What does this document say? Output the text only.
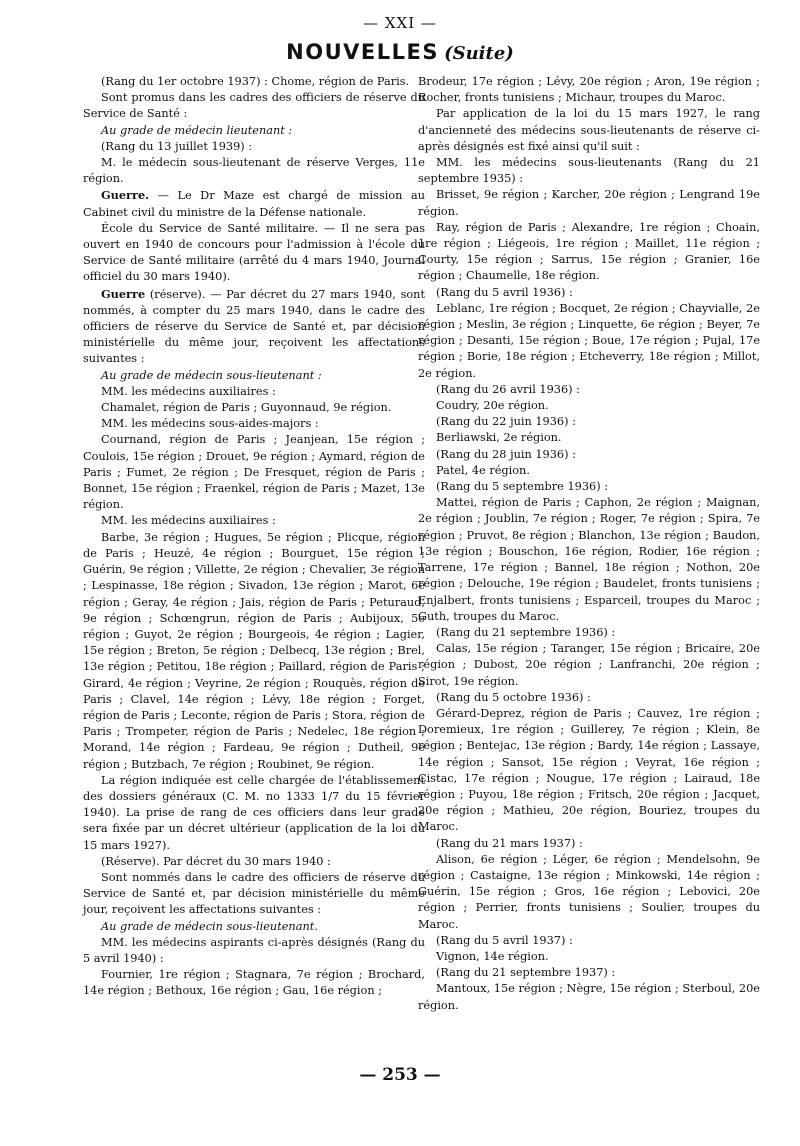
— XXI —
NOUVELLES (Suite)

(Rang du 1er octobre 1937) : Chome, région de Paris.

Sont promus dans les cadres des officiers de réserve du Service de Santé :

Au grade de médecin lieutenant :

(Rang du 13 juillet 1939) :

M. le médecin sous-lieutenant de réserve Verges, 11e région.

Guerre. — Le Dr Maze est chargé de mission au Cabinet civil du ministre de la Défense nationale.

École du Service de Santé militaire. — Il ne sera pas ouvert en 1940 de concours pour l'admission à l'école du Service de Santé militaire (arrêté du 4 mars 1940, Journal officiel du 30 mars 1940).

Guerre (réserve). — Par décret du 27 mars 1940, sont nommés, à compter du 25 mars 1940, dans le cadre des officiers de réserve du Service de Santé et, par décision ministérielle du même jour, reçoivent les affectations suivantes :

Au grade de médecin sous-lieutenant :

MM. les médecins auxiliaires :

Chamalet, région de Paris ; Guyonnaud, 9e région.

MM. les médecins sous-aides-majors :

Cournand, région de Paris ; Jeanjean, 15e région ; Coulois, 15e région ; Drouet, 9e région ; Aymard, région de Paris ; Fumet, 2e région ; De Fresquet, région de Paris ; Bonnet, 15e région ; Fraenkel, région de Paris ; Mazet, 13e région.

MM. les médecins auxiliaires :

Barbe, 3e région ; Hugues, 5e région ; Plicque, région de Paris ; Heuzé, 4e région ; Bourguet, 15e région ; Guérin, 9e région ; Villette, 2e région ; Chevalier, 3e région ; Lespinasse, 18e région ; Sivadon, 13e région ; Marot, 6e région ; Geray, 4e région ; Jais, région de Paris ; Peturaud, 9e région ; Schœngrun, région de Paris ; Aubijoux, 5e région ; Guyot, 2e région ; Bourgeois, 4e région ; Lagier, 15e région ; Breton, 5e région ; Delbecq, 13e région ; Brel, 13e région ; Petitou, 18e région ; Paillard, région de Paris ; Girard, 4e région ; Veyrine, 2e région ; Rouquès, région de Paris ; Clavel, 14e région ; Lévy, 18e région ; Forget, région de Paris ; Leconte, région de Paris ; Stora, région de Paris ; Trompeter, région de Paris ; Nedelec, 18e région ; Morand, 14e région ; Fardeau, 9e région ; Dutheil, 9e région ; Butzbach, 7e région ; Roubinet, 9e région.

La région indiquée est celle chargée de l'établissement des dossiers généraux (C. M. no 1333 1/7 du 15 février 1940). La prise de rang de ces officiers dans leur grade sera fixée par un décret ultérieur (application de la loi du 15 mars 1927).

(Réserve). Par décret du 30 mars 1940 :

Sont nommés dans le cadre des officiers de réserve du Service de Santé et, par décision ministérielle du même jour, reçoivent les affectations suivantes :

Au grade de médecin sous-lieutenant.

MM. les médecins aspirants ci-après désignés (Rang du 5 avril 1940) :

Fournier, 1re région ; Stagnara, 7e région ; Brochard, 14e région ; Bethoux, 16e région ; Gau, 16e région ;

Brodeur, 17e région ; Lévy, 20e région ; Aron, 19e région ; Rocher, fronts tunisiens ; Michaur, troupes du Maroc.

Par application de la loi du 15 mars 1927, le rang d'ancienneté des médecins sous-lieutenants de réserve ci-après désignés est fixé ainsi qu'il suit :

MM. les médecins sous-lieutenants (Rang du 21 septembre 1935) :

Brisset, 9e région ; Karcher, 20e région ; Lengrand 19e région.

Ray, région de Paris ; Alexandre, 1re région ; Choain, 1re région ; Liégeois, 1re région ; Maillet, 11e région ; Courty, 15e région ; Sarrus, 15e région ; Granier, 16e région ; Chaumelle, 18e région.

(Rang du 5 avril 1936) :

Leblanc, 1re région ; Bocquet, 2e région ; Chayvialle, 2e région ; Meslin, 3e région ; Linquette, 6e région ; Beyer, 7e région ; Desanti, 15e région ; Boue, 17e région ; Pujal, 17e région ; Borie, 18e région ; Etcheverry, 18e région ; Millot, 2e région.

(Rang du 26 avril 1936) :

Coudry, 20e région.

(Rang du 22 juin 1936) :

Berliawski, 2e région.

(Rang du 28 juin 1936) :

Patel, 4e région.

(Rang du 5 septembre 1936) :

Mattei, région de Paris ; Caphon, 2e région ; Maignan, 2e région ; Joublin, 7e région ; Roger, 7e région ; Spira, 7e région ; Pruvot, 8e région ; Blanchon, 13e région ; Baudon, 13e région ; Bouschon, 16e région, Rodier, 16e région ; Tarrene, 17e région ; Bannel, 18e région ; Nothon, 20e région ; Delouche, 19e région ; Baudelet, fronts tunisiens ; Enjalbert, fronts tunisiens ; Esparceil, troupes du Maroc ; Guth, troupes du Maroc.

(Rang du 21 septembre 1936) :

Calas, 15e région ; Taranger, 15e région ; Bricaire, 20e région ; Dubost, 20e région ; Lanfranchi, 20e région ; Sirot, 19e région.

(Rang du 5 octobre 1936) :

Gérard-Deprez, région de Paris ; Cauvez, 1re région ; Doremieux, 1re région ; Guillerey, 7e région ; Klein, 8e région ; Bentejac, 13e région ; Bardy, 14e région ; Lassaye, 14e région ; Sansot, 15e région ; Veyrat, 16e région ; Cistac, 17e région ; Nougue, 17e région ; Lairaud, 18e région ; Puyou, 18e région ; Fritsch, 20e région ; Jacquet, 20e région ; Mathieu, 20e région, Bouriez, troupes du Maroc.

(Rang du 21 mars 1937) :

Alison, 6e région ; Léger, 6e région ; Mendelsohn, 9e région ; Castaigne, 13e région ; Minkowski, 14e région ; Guérin, 15e région ; Gros, 16e région ; Lebovici, 20e région ; Perrier, fronts tunisiens ; Soulier, troupes du Maroc.

(Rang du 5 avril 1937) :

Vignon, 14e région.

(Rang du 21 septembre 1937) :

Mantoux, 15e région ; Nègre, 15e région ; Sterboul, 20e région.

— 253 —
